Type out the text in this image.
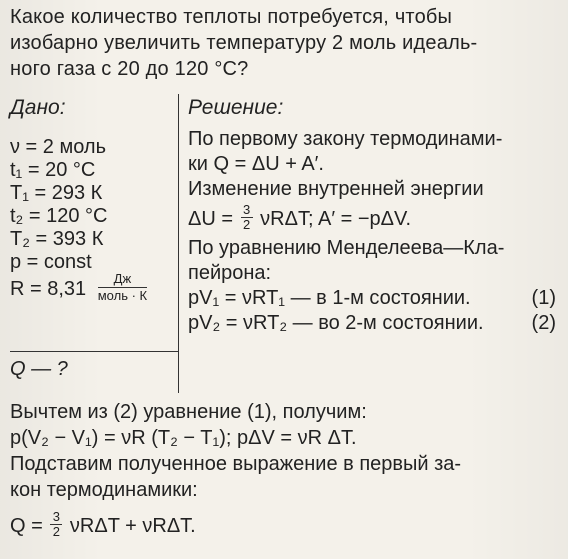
Какое количество теплоты потребуется, чтобы
изобарно увеличить температуру 2 моль идеаль-
ного газа с 20 до 120 °С?
Дано:
ν = 2 моль
t₁ = 20 °С
T₁ = 293 К
t₂ = 120 °С
T₂ = 393 К
p = const
$R = 8,31 \frac{Дж}{\text{моль · К}}$
Q — ?
Решение:
По первому закону термодинами-
ки Q = ΔU + A′.
Изменение внутренней энергии
$\Delta U = \frac{3}{2} \nu R\Delta T$; A′ = −pΔV.
По уравнению Менделеева—Кла-
пейрона:
pV₁ = νRT₁ — в 1-м состоянии.	(1)
pV₂ = νRT₂ — во 2-м состоянии. (2)
Вычтем из (2) уравнение (1), получим:
p(V₂ − V₁) = νR (T₂ − T₁); pΔV = νR ΔT.
Подставим полученное выражение в первый за-
кон термодинамики:
$Q = \frac{3}{2}$ νRΔT + νRΔT.
